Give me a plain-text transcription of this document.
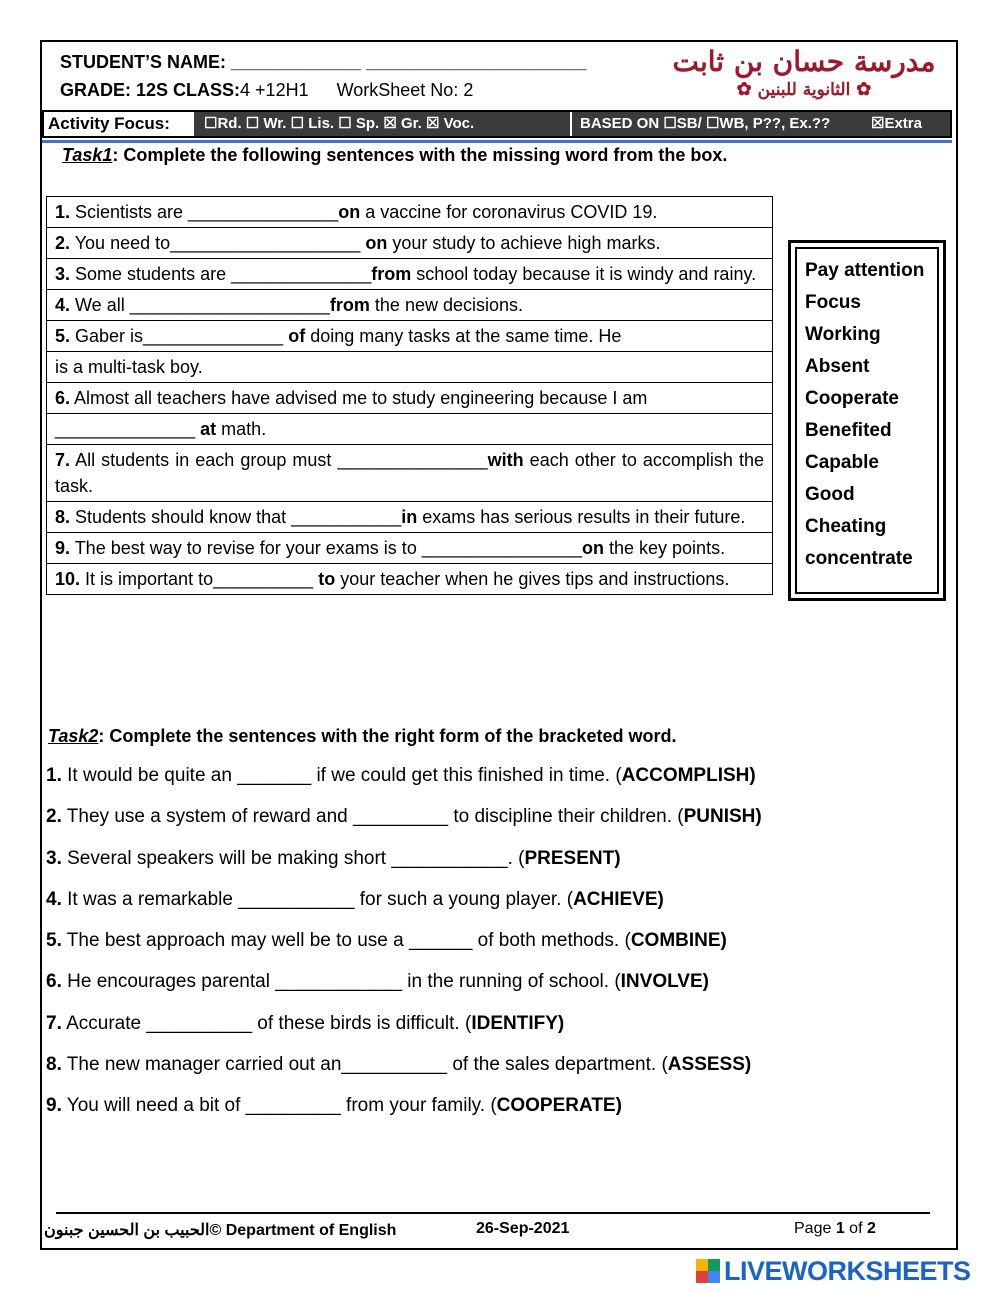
STUDENT’S NAME: _____________ ______________________
GRADE: 12S CLASS:4 +12H1 WorkSheet No: 2
مدرسة حسان بن ثابت
✿ الثانوية للبنين ✿
Activity Focus:	☐Rd. ☐ Wr. ☐ Lis. ☐ Sp. ☒ Gr. ☒ Voc.	BASED ON ☐SB/ ☐WB, P??, Ex.??	☒Extra
Task1: Complete the following sentences with the missing word from the box.
1. Scientists are _______________on a vaccine for coronavirus COVID 19.
2. You need to___________________ on your study to achieve high marks.
3. Some students are ______________from school today because it is windy and rainy.
4. We all ____________________from the new decisions.
5. Gaber is______________ of doing many tasks at the same time. He
is a multi-task boy.
6. Almost all teachers have advised me to study engineering because I am
______________ at math.
7. All students in each group must _______________with each other to accomplish the task.
8. Students should know that ___________in exams has serious results in their future.
9. The best way to revise for your exams is to ________________on the key points.
10. It is important to__________ to your teacher when he gives tips and instructions.
Pay attention
Focus
Working
Absent
Cooperate
Benefited
Capable
Good
Cheating
concentrate
Task2: Complete the sentences with the right form of the bracketed word.
1. It would be quite an _______ if we could get this finished in time. (ACCOMPLISH)
2. They use a system of reward and _________ to discipline their children. (PUNISH)
3. Several speakers will be making short ___________. (PRESENT)
4. It was a remarkable ___________ for such a young player. (ACHIEVE)
5. The best approach may well be to use a ______ of both methods. (COMBINE)
6. He encourages parental ____________ in the running of school. (INVOLVE)
7. Accurate __________ of these birds is difficult. (IDENTIFY)
8. The new manager carried out an__________ of the sales department. (ASSESS)
9. You will need a bit of _________ from your family. (COOPERATE)
الحبيب بن الحسين جبنون© Department of English	26-Sep-2021	Page 1 of 2
LIVEWORKSHEETS
